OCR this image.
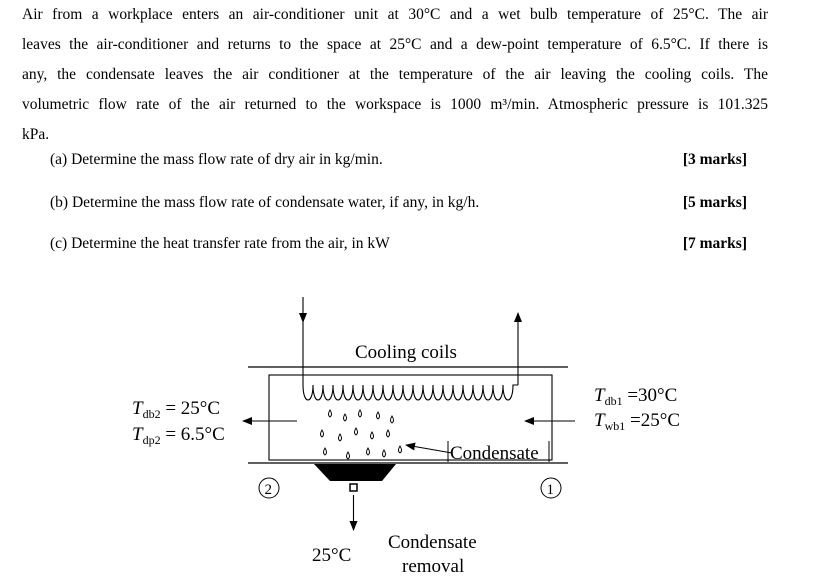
Air from a workplace enters an air-conditioner unit at 30°C and a wet bulb temperature of 25°C. The air
leaves the air-conditioner and returns to the space at 25°C and a dew-point temperature of 6.5°C. If there is
any, the condensate leaves the air conditioner at the temperature of the air leaving the cooling coils. The
volumetric flow rate of the air returned to the workspace is 1000 m³/min. Atmospheric pressure is 101.325
kPa.
(a) Determine the mass flow rate of dry air in kg/min.	[3 marks]
(b) Determine the mass flow rate of condensate water, if any, in kg/h.	[5 marks]
(c) Determine the heat transfer rate from the air, in kW	[7 marks]
Cooling coils
Condensate
25°C
Condensate
removal
2	1
$T_{db2} = 25^\circ C$
$T_{dp2} = 6.5^\circ C$
$T_{db1} =30^\circ C$
$T_{wb1} =25^\circ C$
